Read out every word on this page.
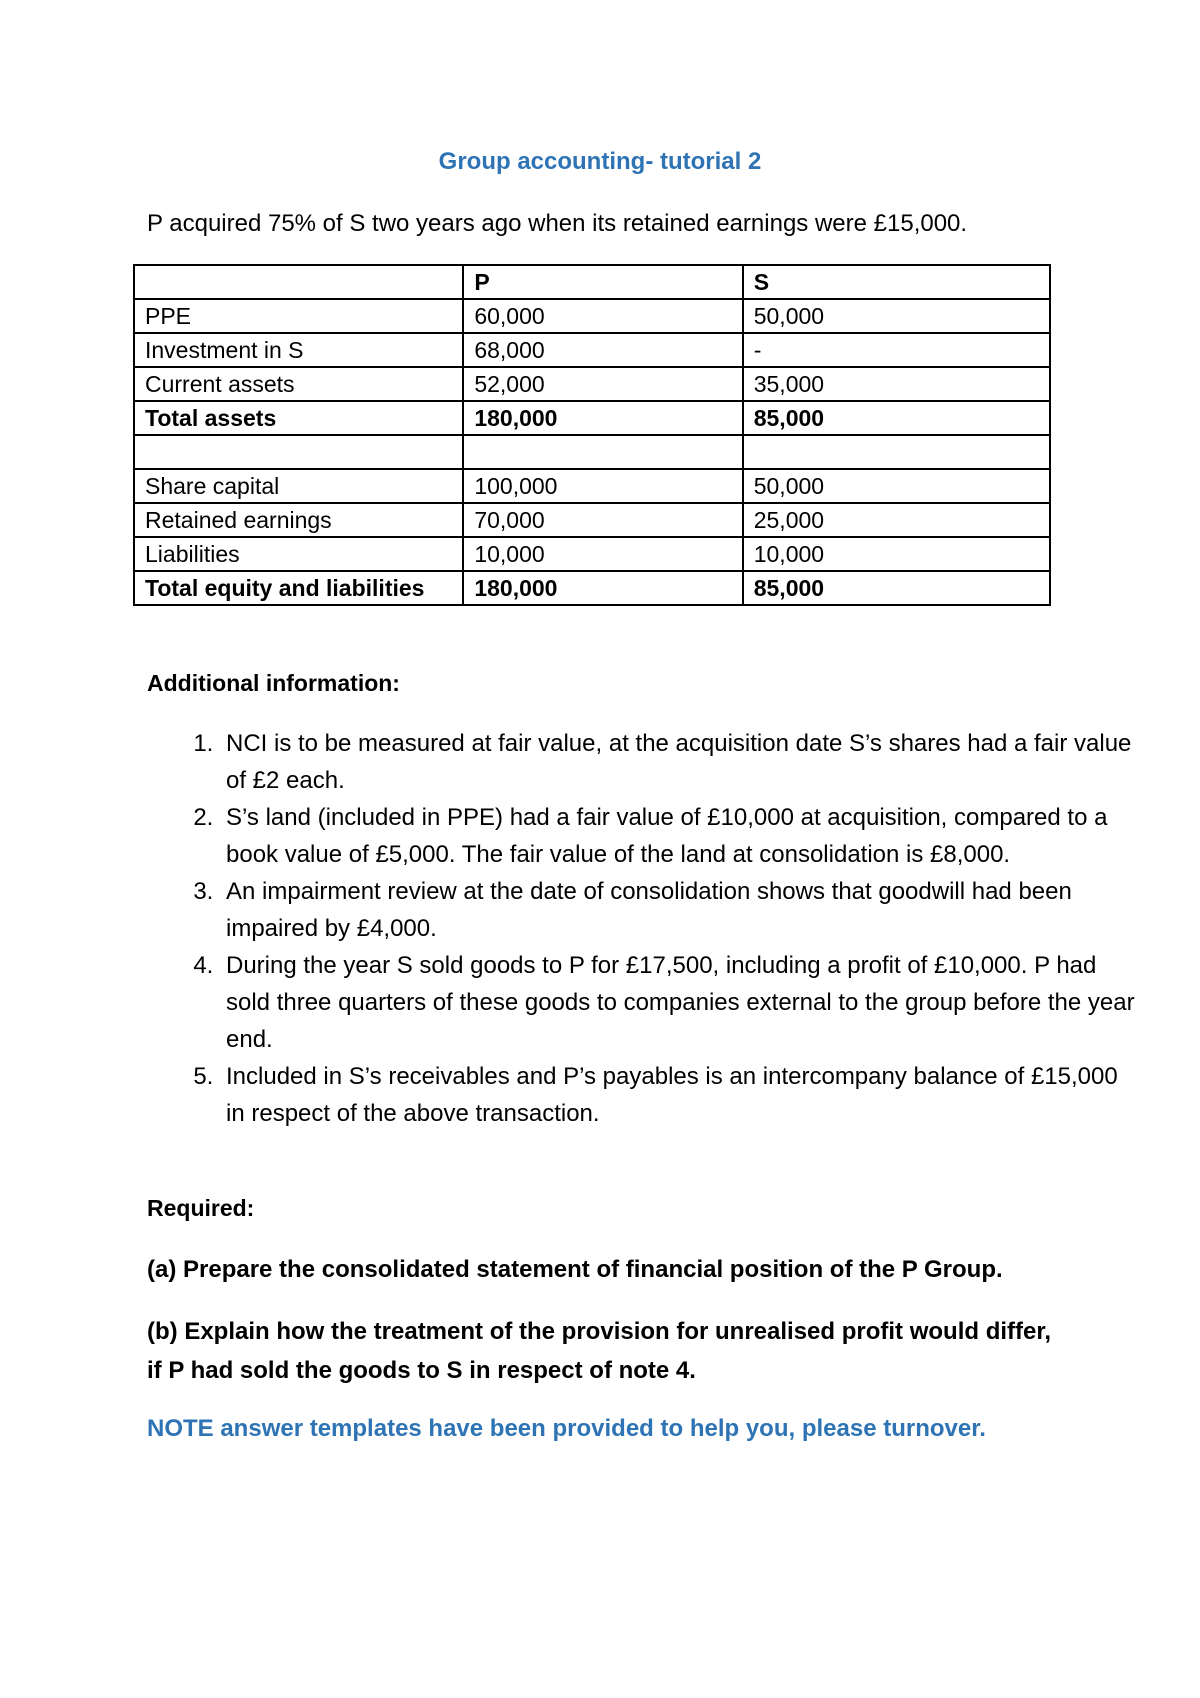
Group accounting- tutorial 2
P acquired 75% of S two years ago when its retained earnings were £15,000.
	P	S
PPE	60,000	50,000
Investment in S	68,000	-
Current assets	52,000	35,000
Total assets	180,000	85,000

Share capital	100,000	50,000
Retained earnings	70,000	25,000
Liabilities	10,000	10,000
Total equity and liabilities	180,000	85,000
Additional information:
1. NCI is to be measured at fair value, at the acquisition date S’s shares had a fair value of £2 each.
2. S’s land (included in PPE) had a fair value of £10,000 at acquisition, compared to a book value of £5,000. The fair value of the land at consolidation is £8,000.
3. An impairment review at the date of consolidation shows that goodwill had been impaired by £4,000.
4. During the year S sold goods to P for £17,500, including a profit of £10,000. P had sold three quarters of these goods to companies external to the group before the year end.
5. Included in S’s receivables and P’s payables is an intercompany balance of £15,000 in respect of the above transaction.
Required:
(a) Prepare the consolidated statement of financial position of the P Group.
(b) Explain how the treatment of the provision for unrealised profit would differ, if P had sold the goods to S in respect of note 4.
NOTE answer templates have been provided to help you, please turnover.
